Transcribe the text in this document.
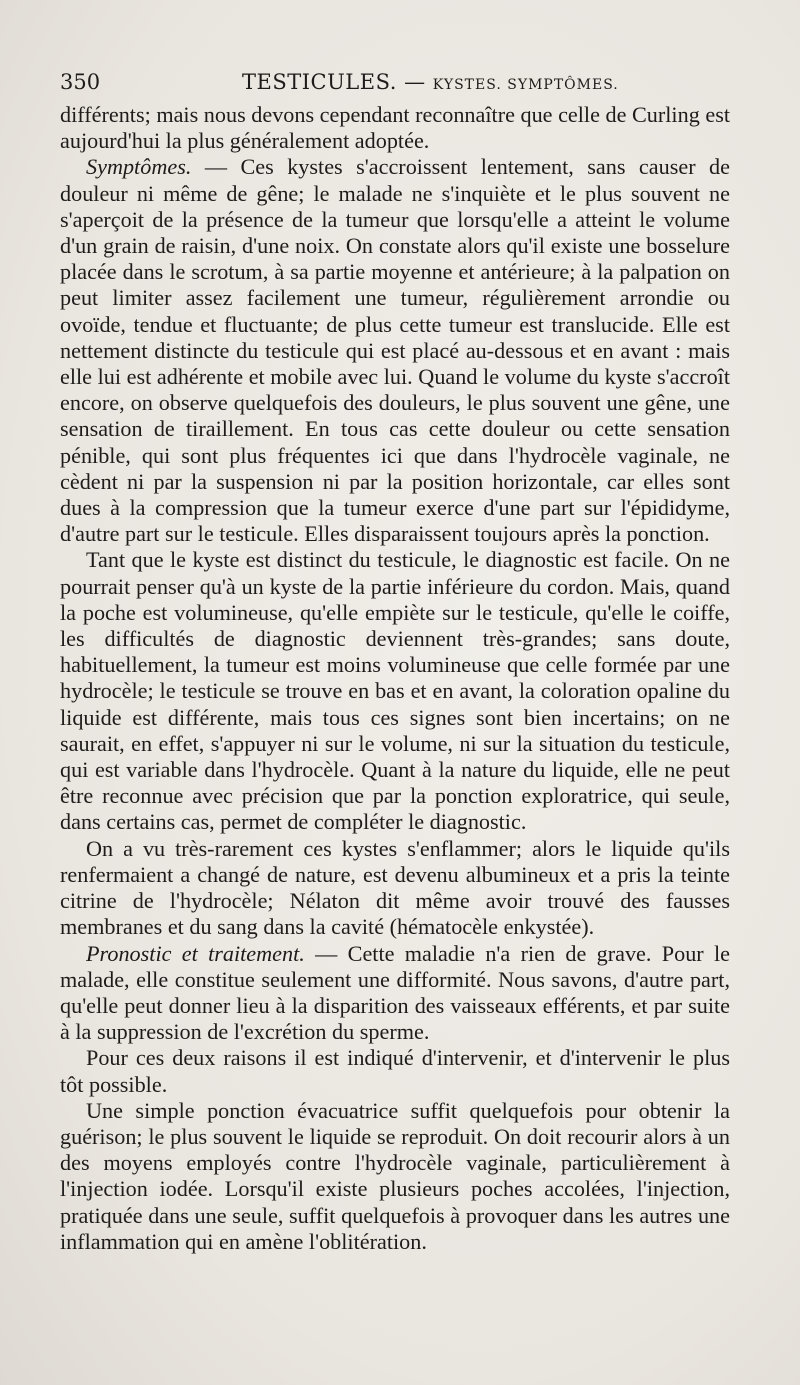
350	TESTICULES. — KYSTES. SYMPTÔMES.

différents; mais nous devons cependant reconnaître que celle de Curling est aujourd'hui la plus généralement adoptée.

Symptômes. — Ces kystes s'accroissent lentement, sans causer de douleur ni même de gêne; le malade ne s'inquiète et le plus souvent ne s'aperçoit de la présence de la tumeur que lorsqu'elle a atteint le volume d'un grain de raisin, d'une noix. On constate alors qu'il existe une bosselure placée dans le scrotum, à sa partie moyenne et antérieure; à la palpation on peut limiter assez facilement une tumeur, régulièrement arrondie ou ovoïde, tendue et fluctuante; de plus cette tumeur est translucide. Elle est nettement distincte du testicule qui est placé au-dessous et en avant : mais elle lui est adhérente et mobile avec lui. Quand le volume du kyste s'accroît encore, on observe quelquefois des douleurs, le plus souvent une gêne, une sensation de tiraillement. En tous cas cette douleur ou cette sensation pénible, qui sont plus fréquentes ici que dans l'hydrocèle vaginale, ne cèdent ni par la suspension ni par la position horizontale, car elles sont dues à la compression que la tumeur exerce d'une part sur l'épididyme, d'autre part sur le testicule. Elles disparaissent toujours après la ponction.

Tant que le kyste est distinct du testicule, le diagnostic est facile. On ne pourrait penser qu'à un kyste de la partie inférieure du cordon. Mais, quand la poche est volumineuse, qu'elle empiète sur le testicule, qu'elle le coiffe, les difficultés de diagnostic deviennent très-grandes; sans doute, habituellement, la tumeur est moins volumineuse que celle formée par une hydrocèle; le testicule se trouve en bas et en avant, la coloration opaline du liquide est différente, mais tous ces signes sont bien incertains; on ne saurait, en effet, s'appuyer ni sur le volume, ni sur la situation du testicule, qui est variable dans l'hydrocèle. Quant à la nature du liquide, elle ne peut être reconnue avec précision que par la ponction exploratrice, qui seule, dans certains cas, permet de compléter le diagnostic.

On a vu très-rarement ces kystes s'enflammer; alors le liquide qu'ils renfermaient a changé de nature, est devenu albumineux et a pris la teinte citrine de l'hydrocèle; Nélaton dit même avoir trouvé des fausses membranes et du sang dans la cavité (hématocèle enkystée).

Pronostic et traitement. — Cette maladie n'a rien de grave. Pour le malade, elle constitue seulement une difformité. Nous savons, d'autre part, qu'elle peut donner lieu à la disparition des vaisseaux efférents, et par suite à la suppression de l'excrétion du sperme.

Pour ces deux raisons il est indiqué d'intervenir, et d'intervenir le plus tôt possible.

Une simple ponction évacuatrice suffit quelquefois pour obtenir la guérison; le plus souvent le liquide se reproduit. On doit recourir alors à un des moyens employés contre l'hydrocèle vaginale, particulièrement à l'injection iodée. Lorsqu'il existe plusieurs poches accolées, l'injection, pratiquée dans une seule, suffit quelquefois à provoquer dans les autres une inflammation qui en amène l'oblitération.
